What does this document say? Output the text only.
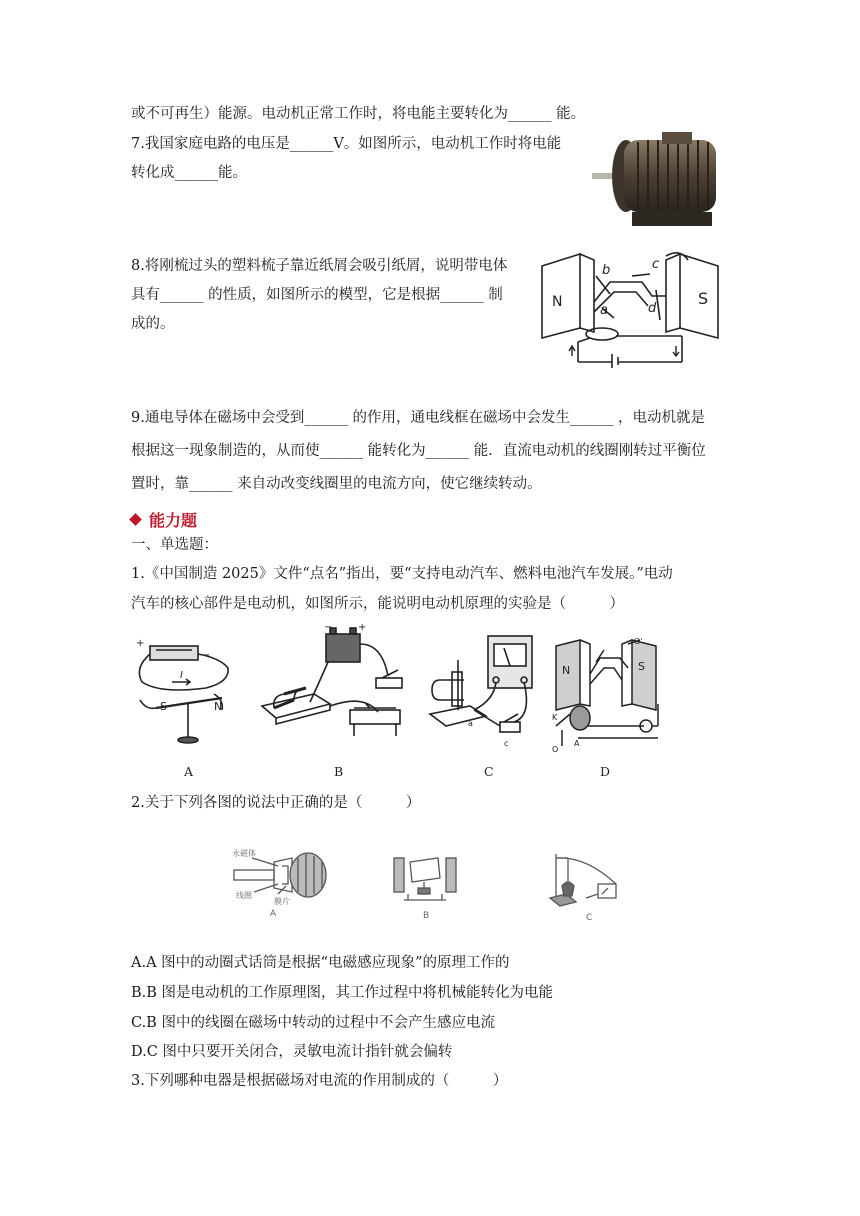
或不可再生）能源。电动机正常工作时，将电能主要转化为______ 能。
7.我国家庭电路的电压是______V。如图所示，电动机工作时将电能
转化成______能。
8.将刚梳过头的塑料梳子靠近纸屑会吸引纸屑，说明带电体
具有______ 的性质，如图所示的模型，它是根据______ 制
成的。
N	S
a
b	c
d
9.通电导体在磁场中会受到______ 的作用，通电线框在磁场中会发生______ ，电动机就是
根据这一现象制造的，从而使______ 能转化为______ 能．直流电动机的线圈刚转过平衡位
置时，靠______ 来自动改变线圈里的电流方向，使它继续转动。
能力题
一、单选题：
1.《中国制造 2025》文件“点名”指出，要“支持电动汽车、燃料电池汽车发展。”电动
汽车的核心部件是电动机，如图所示，能说明电动机原理的实验是（　　　）
+
−
S	N
I
A
−	+
B
a
c
C
N	S
K
O
A
O'
D
2.关于下列各图的说法中正确的是（　　　）
永磁体
线圈
膜片
A	B	C
A.A 图中的动圈式话筒是根据“电磁感应现象”的原理工作的
B.B 图是电动机的工作原理图，其工作过程中将机械能转化为电能
C.B 图中的线圈在磁场中转动的过程中不会产生感应电流
D.C 图中只要开关闭合，灵敏电流计指针就会偏转
3.下列哪种电器是根据磁场对电流的作用制成的（　　　）
